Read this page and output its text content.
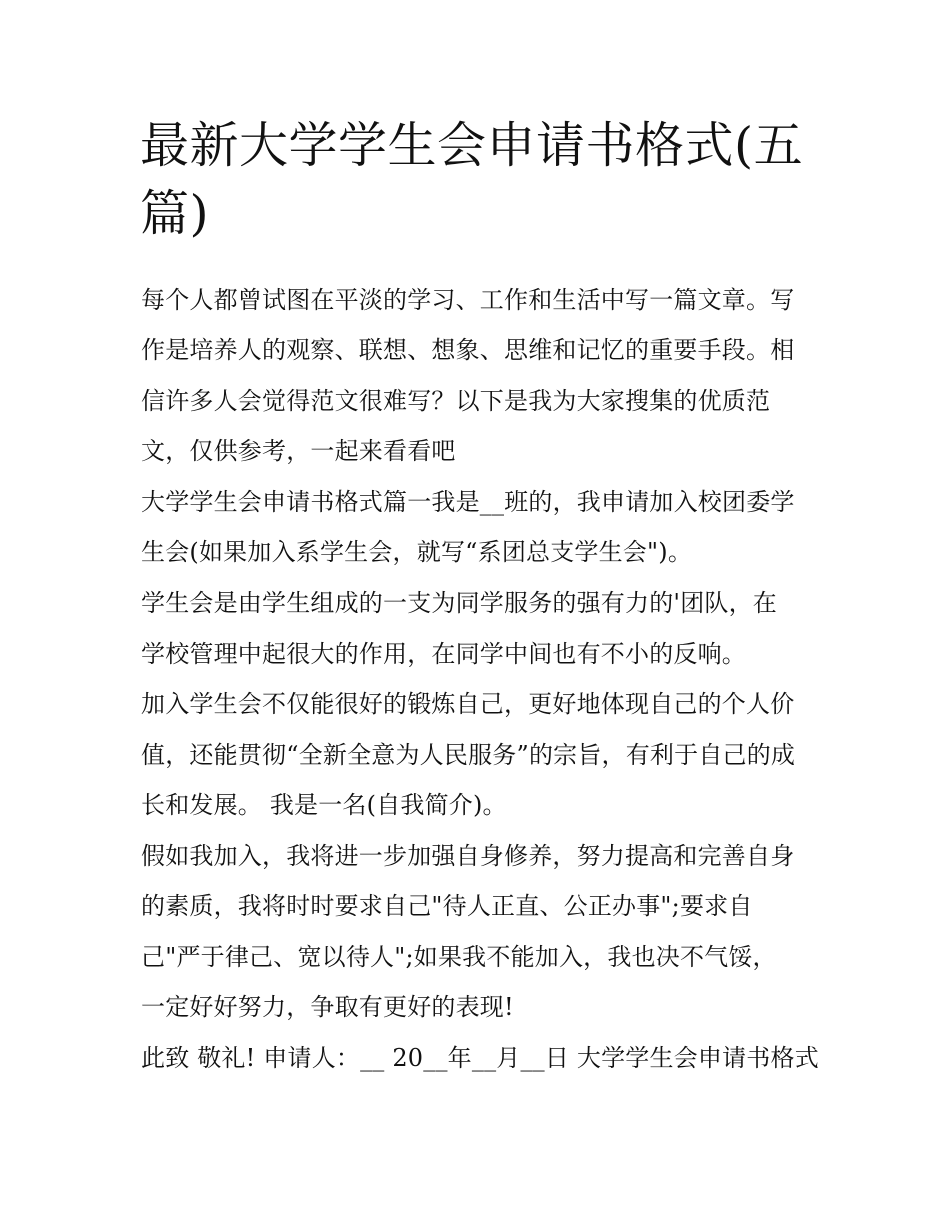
最新大学学生会申请书格式(五
篇)
每个人都曾试图在平淡的学习、工作和生活中写一篇文章。写
作是培养人的观察、联想、想象、思维和记忆的重要手段。相
信许多人会觉得范文很难写？以下是我为大家搜集的优质范
文，仅供参考，一起来看看吧
大学学生会申请书格式篇一我是__班的，我申请加入校团委学
生会(如果加入系学生会，就写“系团总支学生会")。
学生会是由学生组成的一支为同学服务的强有力的'团队，在
学校管理中起很大的作用，在同学中间也有不小的反响。
加入学生会不仅能很好的锻炼自己，更好地体现自己的个人价
值，还能贯彻“全新全意为人民服务”的宗旨，有利于自己的成
长和发展。 我是一名(自我简介)。
假如我加入，我将进一步加强自身修养，努力提高和完善自身
的素质，我将时时要求自己"待人正直、公正办事";要求自
己"严于律己、宽以待人";如果我不能加入，我也决不气馁，
一定好好努力，争取有更好的表现!
此致 敬礼! 申请人：__ 20__年__月__日 大学学生会申请书格式
